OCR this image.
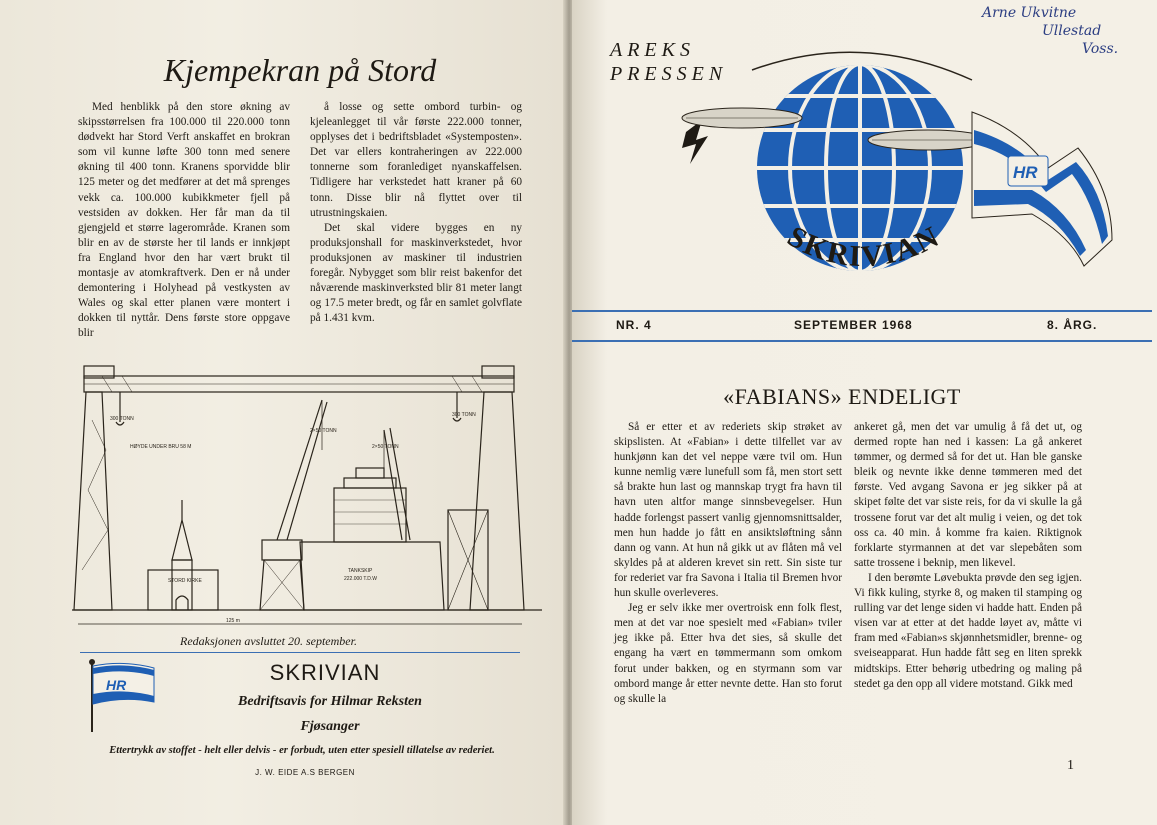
Kjempekran på Stord

Med henblikk på den store økning av skipsstørrelsen fra 100.000 til 220.000 tonn dødvekt har Stord Verft anskaffet en brokran som vil kunne løfte 300 tonn med senere økning til 400 tonn. Kranens sporvidde blir 125 meter og det medfører at det må sprenges vekk ca. 100.000 kubikkmeter fjell på vestsiden av dokken. Her får man da til gjengjeld et større lagerområde. Kranen som blir en av de største her til lands er innkjøpt fra England hvor den har vært brukt til montasje av atomkraftverk. Den er nå under demontering i Holyhead på vestkysten av Wales og skal etter planen være montert i dokken til nyttår. Dens første store oppgave blir

å losse og sette ombord turbin- og kjeleanlegget til vår første 222.000 tonner, opplyses det i bedriftsbladet «Systemposten». Det var ellers kontraheringen av 222.000 tonnerne som foranlediget nyanskaffelsen. Tidligere har verkstedet hatt kraner på 60 tonn. Disse blir nå flyttet over til utrustningskaien.

Det skal videre bygges en ny produksjonshall for maskinverkstedet, hvor produksjonen av maskiner til industrien foregår. Nybygget som blir reist bakenfor det nåværende maskinverksted blir 81 meter langt og 17.5 meter bredt, og får en samlet golvflate på 1.431 kvm.

300 TONN
300 TONN
HØYDE UNDER BRU 58 M
2×50 TONN
2×50 TONN
STORD KIRKE
TANKSKIP
222.000 T.D.W
125 m
Redaksjonen avsluttet 20. september.
HR	SKRIVIAN
Bedriftsavis for Hilmar Reksten
Fjøsanger
Ettertrykk av stoffet - helt eller delvis - er forbudt, uten etter spesiell tillatelse av rederiet.
J. W. EIDE A.S BERGEN
Arne Ukvitne
Ullestad
Voss.
AREKS
PRESSEN
HR
SKRIVIAN
NR. 4	SEPTEMBER 1968	8. ÅRG.
«FABIANS» ENDELIGT

Så er etter et av rederiets skip strøket av skipslisten. At «Fabian» i dette tilfellet var av hunkjønn kan det vel neppe være tvil om. Hun kunne nemlig være lunefull som få, men stort sett så brakte hun last og mannskap trygt fra havn til havn uten altfor mange sinnsbevegelser. Hun hadde forlengst passert vanlig gjennomsnittsalder, men hun hadde jo fått en ansiktsløftning sånn dann og vann. At hun nå gikk ut av flåten må vel skyldes på at alderen krevet sin rett. Sin siste tur for rederiet var fra Savona i Italia til Bremen hvor hun skulle overleveres.

Jeg er selv ikke mer overtroisk enn folk flest, men at det var noe spesielt med «Fabian» tviler jeg ikke på. Etter hva det sies, så skulle det engang ha vært en tømmermann som omkom forut under bakken, og en styrmann som var ombord mange år etter nevnte dette. Han sto forut og skulle la

ankeret gå, men det var umulig å få det ut, og dermed ropte han ned i kassen: La gå ankeret tømmer, og dermed så for det ut. Han ble ganske bleik og nevnte ikke denne tømmeren med det første. Ved avgang Savona er jeg sikker på at skipet følte det var siste reis, for da vi skulle la gå trossene forut var det alt mulig i veien, og det tok oss ca. 40 min. å komme fra kaien. Riktignok forklarte styrmannen at det var slepebåten som satte trossene i beknip, men likevel.

I den berømte Løvebukta prøvde den seg igjen. Vi fikk kuling, styrke 8, og maken til stamping og rulling var det lenge siden vi hadde hatt. Enden på visen var at etter at det hadde løyet av, måtte vi fram med «Fabian»s skjønnhetsmidler, brenne- og sveiseapparat. Hun hadde fått seg en liten sprekk midtskips. Etter behørig utbedring og maling på stedet ga den opp all videre motstand. Gikk med

1
